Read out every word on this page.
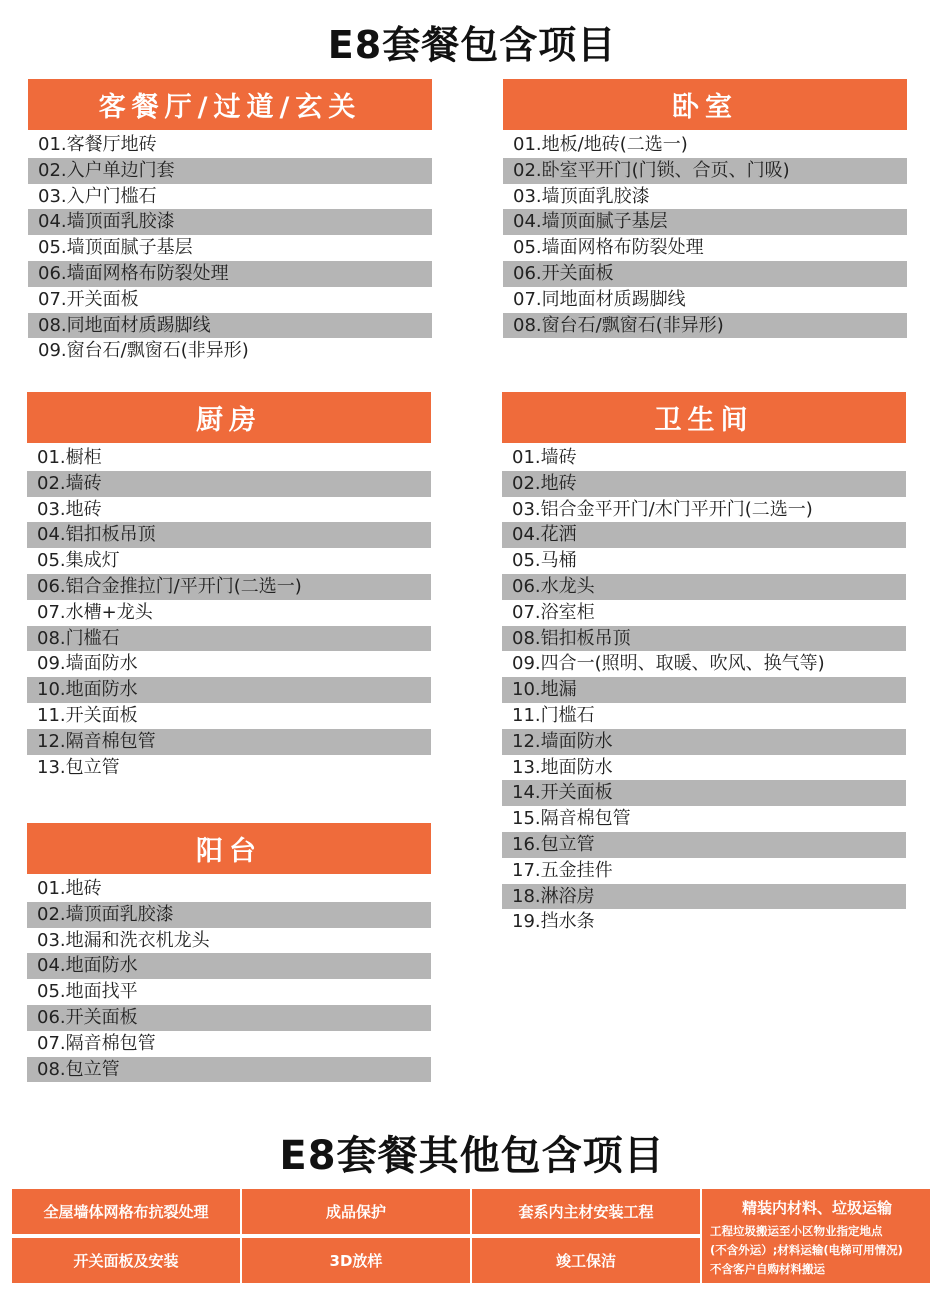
E8套餐包含项目
客餐厅/过道/玄关
01.客餐厅地砖
02.入户单边门套
03.入户门槛石
04.墙顶面乳胶漆
05.墙顶面腻子基层
06.墙面网格布防裂处理
07.开关面板
08.同地面材质踢脚线
09.窗台石/飘窗石(非异形)
卧室
01.地板/地砖(二选一)
02.卧室平开门(门锁、合页、门吸)
03.墙顶面乳胶漆
04.墙顶面腻子基层
05.墙面网格布防裂处理
06.开关面板
07.同地面材质踢脚线
08.窗台石/飘窗石(非异形)
厨房
01.橱柜
02.墙砖
03.地砖
04.铝扣板吊顶
05.集成灯
06.铝合金推拉门/平开门(二选一)
07.水槽+龙头
08.门槛石
09.墙面防水
10.地面防水
11.开关面板
12.隔音棉包管
13.包立管
卫生间
01.墙砖
02.地砖
03.铝合金平开门/木门平开门(二选一)
04.花洒
05.马桶
06.水龙头
07.浴室柜
08.铝扣板吊顶
09.四合一(照明、取暖、吹风、换气等)
10.地漏
11.门槛石
12.墙面防水
13.地面防水
14.开关面板
15.隔音棉包管
16.包立管
17.五金挂件
18.淋浴房
19.挡水条
阳台
01.地砖
02.墙顶面乳胶漆
03.地漏和洗衣机龙头
04.地面防水
05.地面找平
06.开关面板
07.隔音棉包管
08.包立管
E8套餐其他包含项目
全屋墙体网格布抗裂处理	成品保护	套系内主材安装工程
开关面板及安装	3D放样	竣工保洁
精装内材料、垃圾运输
工程垃圾搬运至小区物业指定地点
(不含外运）;材料运输(电梯可用情况)
不含客户自购材料搬运
